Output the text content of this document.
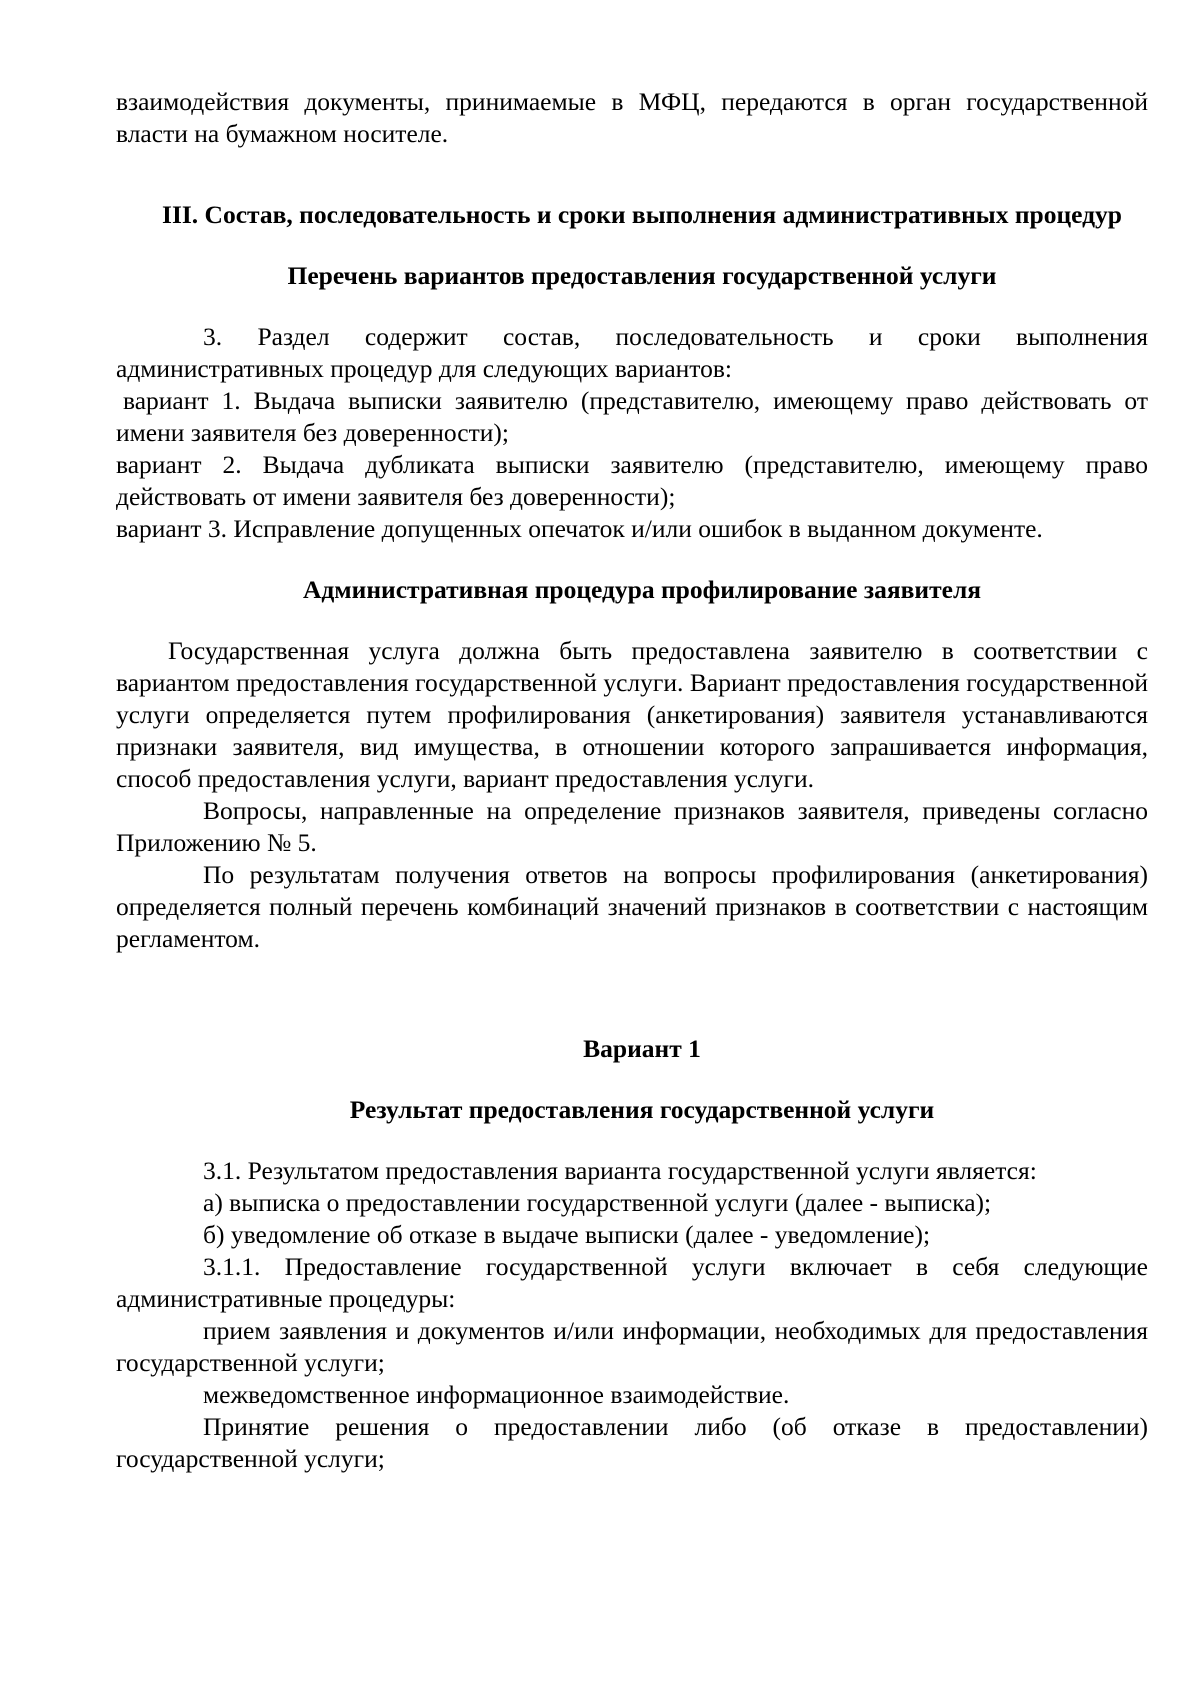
взаимодействия документы, принимаемые в МФЦ, передаются в орган государственной власти на бумажном носителе.

III. Состав, последовательность и сроки выполнения административных процедур

Перечень вариантов предоставления государственной услуги

3. Раздел содержит состав, последовательность и сроки выполнения административных процедур для следующих вариантов:

вариант 1. Выдача выписки заявителю (представителю, имеющему право действовать от имени заявителя без доверенности);

вариант 2. Выдача дубликата выписки заявителю (представителю, имеющему право действовать от имени заявителя без доверенности);

вариант 3. Исправление допущенных опечаток и/или ошибок в выданном документе.

Административная процедура профилирование заявителя

Государственная услуга должна быть предоставлена заявителю в соответствии с вариантом предоставления государственной услуги. Вариант предоставления государственной услуги определяется путем профилирования (анкетирования) заявителя устанавливаются признаки заявителя, вид имущества, в отношении которого запрашивается информация, способ предоставления услуги, вариант предоставления услуги.

Вопросы, направленные на определение признаков заявителя, приведены согласно Приложению № 5.

По результатам получения ответов на вопросы профилирования (анкетирования) определяется полный перечень комбинаций значений признаков в соответствии с настоящим регламентом.

Вариант 1

Результат предоставления государственной услуги

3.1. Результатом предоставления варианта государственной услуги является:

а) выписка о предоставлении государственной услуги (далее - выписка);

б) уведомление об отказе в выдаче выписки (далее - уведомление);

3.1.1. Предоставление государственной услуги включает в себя следующие административные процедуры:

прием заявления и документов и/или информации, необходимых для предоставления государственной услуги;

межведомственное информационное взаимодействие.

Принятие решения о предоставлении либо (об отказе в предоставлении) государственной услуги;
